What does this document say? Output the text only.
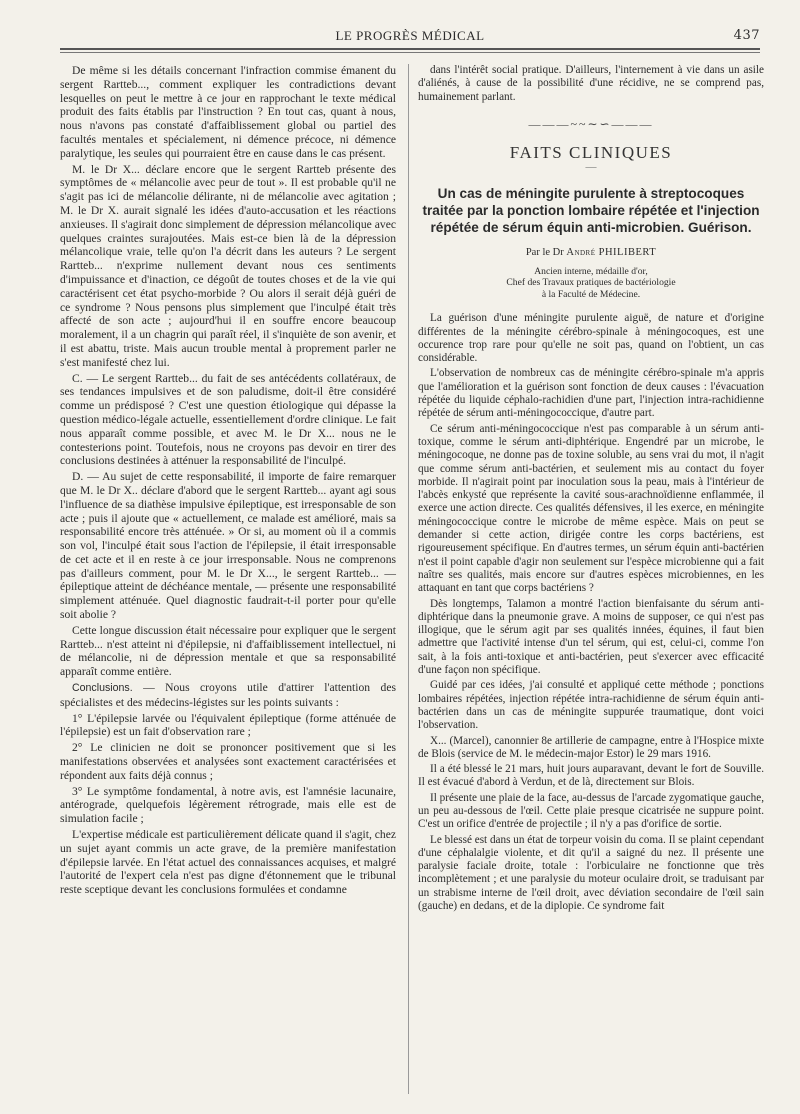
LE PROGRÈS MÉDICAL	437

De même si les détails concernant l'infraction commise émanent du sergent Rartteb..., comment expliquer les contradictions devant lesquelles on peut le mettre à ce jour en rapprochant le texte médical produit des faits établis par l'instruction ? En tout cas, quant à nous, nous n'avons pas constaté d'affaiblissement global ou partiel des facultés mentales et spécialement, ni démence précoce, ni démence paralytique, les seules qui pourraient être en cause dans le cas présent.

M. le Dr X... déclare encore que le sergent Rartteb présente des symptômes de « mélancolie avec peur de tout ». Il est probable qu'il ne s'agit pas ici de mélancolie délirante, ni de mélancolie avec agitation ; M. le Dr X. aurait signalé les idées d'auto-accusation et les réactions anxieuses. Il s'agirait donc simplement de dépression mélancolique avec quelques craintes surajoutées. Mais est-ce bien là de la dépression mélancolique vraie, telle qu'on l'a décrit dans les auteurs ? Le sergent Rartteb... n'exprime nullement devant nous ces sentiments d'impuissance et d'inaction, ce dégoût de toutes choses et de la vie qui caractérisent cet état psycho-morbide ? Ou alors il serait déjà guéri de ce syndrome ? Nous pensons plus simplement que l'inculpé était très affecté de son acte ; aujourd'hui il en souffre encore beaucoup moralement, il a un chagrin qui paraît réel, il s'inquiète de son avenir, et il est abattu, triste. Mais aucun trouble mental à proprement parler ne s'est manifesté chez lui.

C. — Le sergent Rartteb... du fait de ses antécédents collatéraux, de ses tendances impulsives et de son paludisme, doit-il être considéré comme un prédisposé ? C'est une question étiologique qui dépasse la question médico-légale actuelle, essentiellement d'ordre clinique. Le fait nous apparaît comme possible, et avec M. le Dr X... nous ne le contesterions point. Toutefois, nous ne croyons pas devoir en tirer des conclusions destinées à atténuer la responsabilité de l'inculpé.

D. — Au sujet de cette responsabilité, il importe de faire remarquer que M. le Dr X.. déclare d'abord que le sergent Rartteb... ayant agi sous l'influence de sa diathèse impulsive épileptique, est irresponsable de son acte ; puis il ajoute que « actuellement, ce malade est amélioré, mais sa responsabilité encore très atténuée. » Or si, au moment où il a commis son vol, l'inculpé était sous l'action de l'épilepsie, il était irresponsable de cet acte et il en reste à ce jour irresponsable. Nous ne comprenons pas d'ailleurs comment, pour M. le Dr X..., le sergent Rartteb... — épileptique atteint de déchéance mentale, — présente une responsabilité simplement atténuée. Quel diagnostic faudrait-t-il porter pour qu'elle soit abolie ?

Cette longue discussion était nécessaire pour expliquer que le sergent Rartteb... n'est atteint ni d'épilepsie, ni d'affaiblissement intellectuel, ni de mélancolie, ni de dépression mentale et que sa responsabilité apparaît comme entière.

Conclusions. — Nous croyons utile d'attirer l'attention des spécialistes et des médecins-légistes sur les points suivants :

1° L'épilepsie larvée ou l'équivalent épileptique (forme atténuée de l'épilepsie) est un fait d'observation rare ;

2° Le clinicien ne doit se prononcer positivement que si les manifestations observées et analysées sont exactement caractérisées et répondent aux faits déjà connus ;

3° Le symptôme fondamental, à notre avis, est l'amnésie lacunaire, antérograde, quelquefois légèrement rétrograde, mais elle est de simulation facile ;

L'expertise médicale est particulièrement délicate quand il s'agit, chez un sujet ayant commis un acte grave, de la première manifestation d'épilepsie larvée. En l'état actuel des connaissances acquises, et malgré l'autorité de l'expert cela n'est pas digne d'étonnement que le tribunal reste sceptique devant les conclusions formulées et condamne

dans l'intérêt social pratique. D'ailleurs, l'internement à vie dans un asile d'aliénés, à cause de la possibilité d'une récidive, ne se comprend pas, humainement parlant.

———~~∼∽———
FAITS CLINIQUES
—
Un cas de méningite purulente à streptocoques traitée par la ponction lombaire répétée et l'injection répétée de sérum équin anti-microbien. Guérison.
Par le Dr André PHILIBERT
Ancien interne, médaille d'or,
Chef des Travaux pratiques de bactériologie
à la Faculté de Médecine.

La guérison d'une méningite purulente aiguë, de nature et d'origine différentes de la méningite cérébro-spinale à méningocoques, est une occurence trop rare pour qu'elle ne soit pas, quand on l'obtient, un cas considérable.

L'observation de nombreux cas de méningite cérébro-spinale m'a appris que l'amélioration et la guérison sont fonction de deux causes : l'évacuation répétée du liquide céphalo-rachidien d'une part, l'injection intra-rachidienne répétée de sérum anti-méningococcique, d'autre part.

Ce sérum anti-méningococcique n'est pas comparable à un sérum anti-toxique, comme le sérum anti-diphtérique. Engendré par un microbe, le méningocoque, ne donne pas de toxine soluble, au sens vrai du mot, il n'agit que comme sérum anti-bactérien, et seulement mis au contact du foyer morbide. Il n'agirait point par inoculation sous la peau, mais à l'intérieur de l'abcès enkysté que représente la cavité sous-arachnoïdienne enflammée, il exerce une action directe. Ces qualités défensives, il les exerce, en méningite méningococcique contre le microbe de même espèce. Mais on peut se demander si cette action, dirigée contre les corps bactériens, est rigoureusement spécifique. En d'autres termes, un sérum équin anti-bactérien n'est il point capable d'agir non seulement sur l'espèce microbienne qui a fait naître ses qualités, mais encore sur d'autres espèces microbiennes, en les attaquant en tant que corps bactériens ?

Dès longtemps, Talamon a montré l'action bienfaisante du sérum anti-diphtérique dans la pneumonie grave. A moins de supposer, ce qui n'est pas illogique, que le sérum agit par ses qualités innées, équines, il faut bien admettre que l'activité intense d'un tel sérum, qui est, celui-ci, comme l'on sait, à la fois anti-toxique et anti-bactérien, peut s'exercer avec efficacité d'une façon non spécifique.

Guidé par ces idées, j'ai consulté et appliqué cette méthode ; ponctions lombaires répétées, injection répétée intra-rachidienne de sérum équin anti-bactérien dans un cas de méningite suppurée traumatique, dont voici l'observation.

X... (Marcel), canonnier 8e artillerie de campagne, entre à l'Hospice mixte de Blois (service de M. le médecin-major Estor) le 29 mars 1916.

Il a été blessé le 21 mars, huit jours auparavant, devant le fort de Souville. Il est évacué d'abord à Verdun, et de là, directement sur Blois.

Il présente une plaie de la face, au-dessus de l'arcade zygomatique gauche, un peu au-dessous de l'œil. Cette plaie presque cicatrisée ne suppure point. C'est un orifice d'entrée de projectile ; il n'y a pas d'orifice de sortie.

Le blessé est dans un état de torpeur voisin du coma. Il se plaint cependant d'une céphalalgie violente, et dit qu'il a saigné du nez. Il présente une paralysie faciale droite, totale : l'orbiculaire ne fonctionne que très incomplètement ; et une paralysie du moteur oculaire droit, se traduisant par un strabisme interne de l'œil droit, avec déviation secondaire de l'œil sain (gauche) en dedans, et de la diplopie. Ce syndrome fait
